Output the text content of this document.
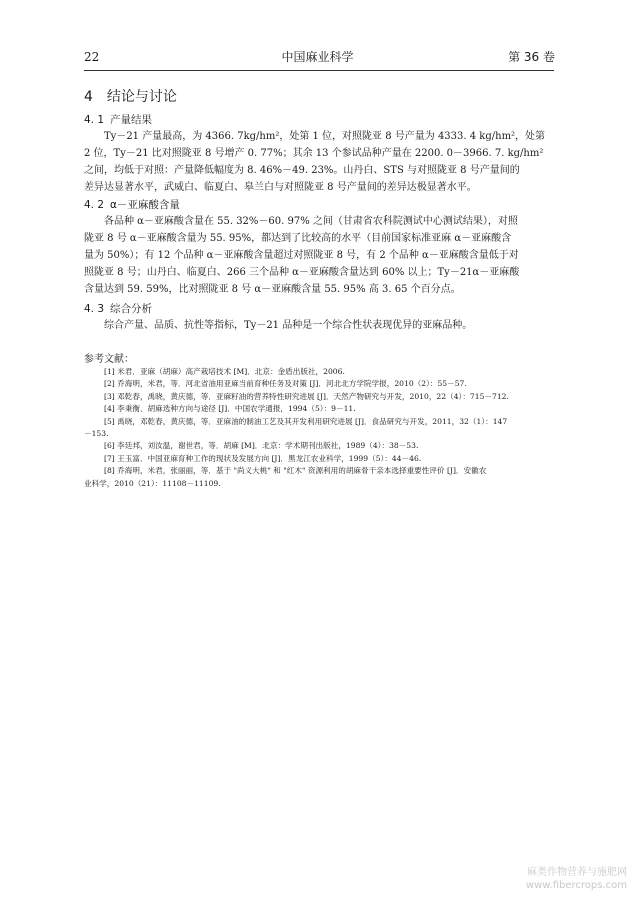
22	中国麻业科学	第 36 卷
4 结论与讨论
4. 1 产量结果
Ty－21 产量最高，为 4366. 7kg/hm²，处第 1 位，对照陇亚 8 号产量为 4333. 4 kg/hm²，处第
2 位，Ty－21 比对照陇亚 8 号增产 0. 77%；其余 13 个参试品种产量在 2200. 0－3966. 7. kg/hm²
之间，均低于对照：产量降低幅度为 8. 46%－49. 23%。山丹白、STS 与对照陇亚 8 号产量间的
差异达显著水平，武威白、临夏白、皋兰白与对照陇亚 8 号产量间的差异达极显著水平。
4. 2 α－亚麻酸含量
各品种 α－亚麻酸含量在 55. 32%－60. 97% 之间（甘肃省农科院测试中心测试结果），对照
陇亚 8 号 α－亚麻酸含量为 55. 95%，都达到了比较高的水平（目前国家标准亚麻 α－亚麻酸含
量为 50%）；有 12 个品种 α－亚麻酸含量超过对照陇亚 8 号，有 2 个品种 α－亚麻酸含量低于对
照陇亚 8 号；山丹白、临夏白、266 三个品种 α－亚麻酸含量达到 60% 以上；Ty－21α－亚麻酸
含量达到 59. 59%，比对照陇亚 8 号 α－亚麻酸含量 55. 95% 高 3. 65 个百分点。
4. 3 综合分析
综合产量、品质、抗性等指标，Ty－21 品种是一个综合性状表现优异的亚麻品种。
参考文献：
[1] 米君．亚麻（胡麻）高产栽培技术 [M]．北京：金盾出版社，2006.
[2] 乔海明，米君，等．河北省油用亚麻当前育种任务及对策 [J]．河北北方学院学报，2010（2）：55－57.
[3] 邓乾春，禹晓，黄庆德，等．亚麻籽油的营养特性研究进展 [J]．天然产物研究与开发，2010，22（4）：715－712.
[4] 李秉衡．胡麻选种方向与途径 [J]．中国农学通报，1994（5）：9－11.
[5] 禹晓，邓乾春，黄庆德，等．亚麻油的制油工艺及其开发利用研究进展 [J]．食品研究与开发，2011，32（1）：147
－153.
[6] 李廷邦，刘汝温，谢世君，等．胡麻 [M]．北京：学术期刊出版社，1989（4）：38－53.
[7] 王玉富．中国亚麻育种工作的现状及发展方向 [J]．黑龙江农业科学，1999（5）：44－46.
[8] 乔海明，米君，张丽丽，等．基于 "尚义大桃" 和 "红木" 资源利用的胡麻骨干亲本选择重要性评价 [J]．安徽农
业科学，2010（21）：11108－11109.
麻类作物营养与施肥网
www.fibercrops.com
